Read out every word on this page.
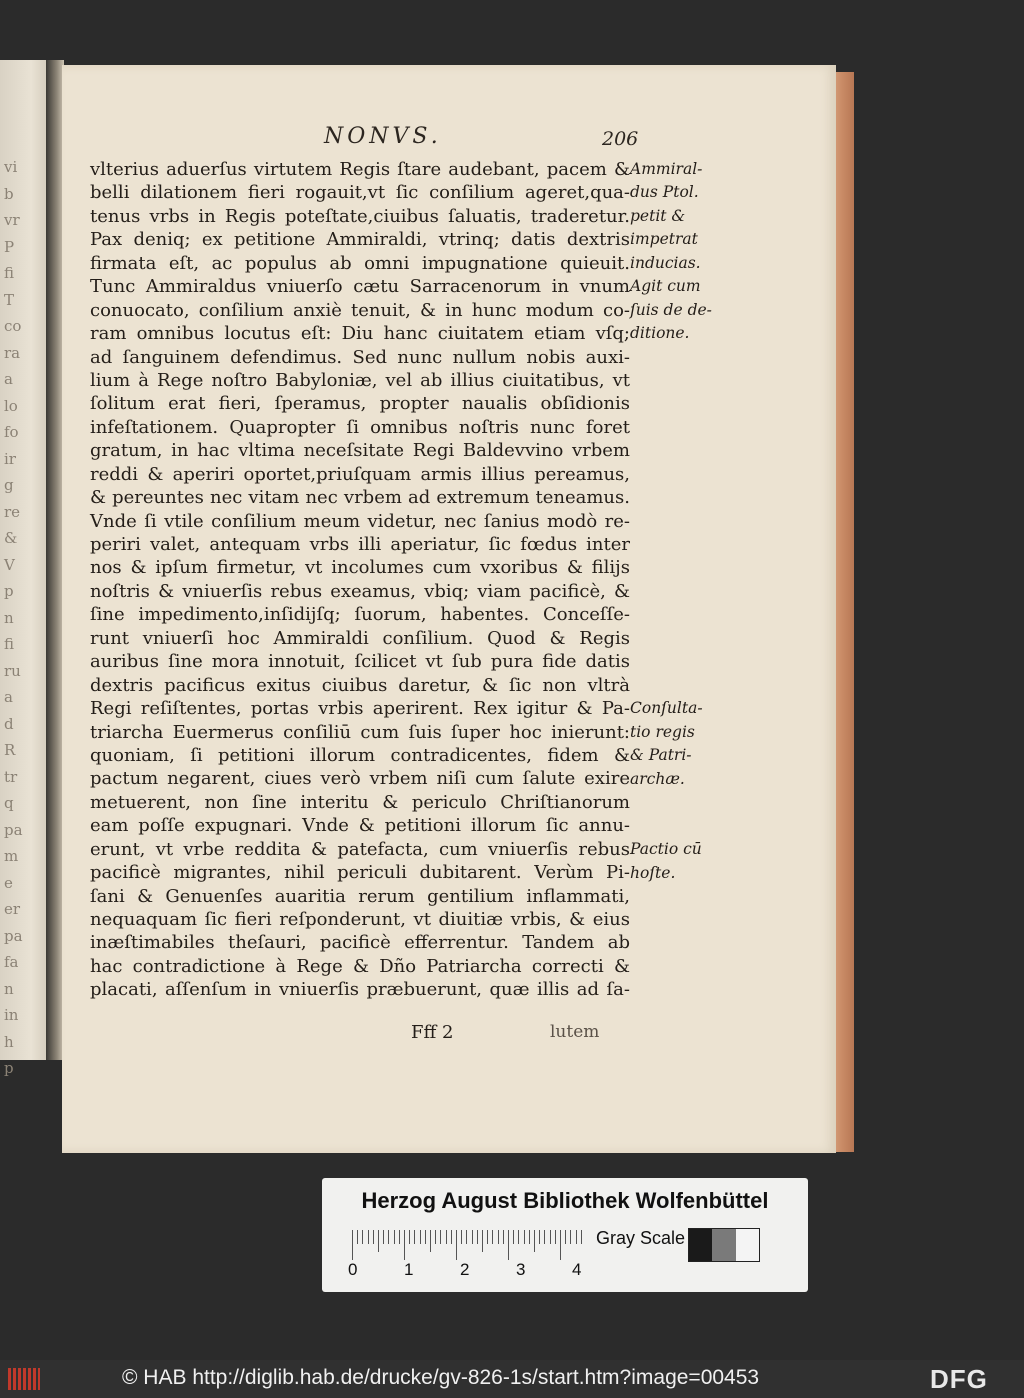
vi
b
vr
P
fi
T
co
ra
a
lo
fo
ir
g
re
&
V
p
n
fi
ru
a
d
R
tr
q
pa
m
e
er
pa
fa
n
in
h
p
NONVS.	206
vlterius aduerſus virtutem Regis ſtare audebant, pacem &
belli dilationem fieri rogauit,vt ſic conſilium ageret,qua-
tenus vrbs in Regis poteſtate,ciuibus ſaluatis, traderetur.
Pax deniq; ex petitione Ammiraldi, vtrinq; datis dextris
firmata eſt, ac populus ab omni impugnatione quieuit.
Tunc Ammiraldus vniuerſo cætu Sarracenorum in vnum
conuocato, conſilium anxiè tenuit, & in hunc modum co-
ram omnibus locutus eſt: Diu hanc ciuitatem etiam vſq;
ad ſanguinem defendimus. Sed nunc nullum nobis auxi-
lium à Rege noſtro Babyloniæ, vel ab illius ciuitatibus, vt
ſolitum erat fieri, ſperamus, propter naualis obſidionis
infeſtationem. Quapropter ſi omnibus noſtris nunc foret
gratum, in hac vltima neceſsitate Regi Baldevvino vrbem
reddi & aperiri oportet,priuſquam armis illius pereamus,
& pereuntes nec vitam nec vrbem ad extremum teneamus.
Vnde ſi vtile conſilium meum videtur, nec ſanius modò re-
periri valet, antequam vrbs illi aperiatur, ſic fœdus inter
nos & ipſum firmetur, vt incolumes cum vxoribus & filijs
noſtris & vniuerſis rebus exeamus, vbiq; viam pacificè, &
ſine impedimento,inſidijſq; ſuorum, habentes. Conceſſe-
runt vniuerſi hoc Ammiraldi conſilium. Quod & Regis
auribus ſine mora innotuit, ſcilicet vt ſub pura fide datis
dextris pacificus exitus ciuibus daretur, & ſic non vltrà
Regi reſiſtentes, portas vrbis aperirent. Rex igitur & Pa-
triarcha Euermerus conſiliū cum ſuis ſuper hoc inierunt:
quoniam, ſi petitioni illorum contradicentes, fidem &
pactum negarent, ciues verò vrbem niſi cum ſalute exire
metuerent, non ſine interitu & periculo Chriſtianorum
eam poſſe expugnari. Vnde & petitioni illorum ſic annu-
erunt, vt vrbe reddita & patefacta, cum vniuerſis rebus
pacificè migrantes, nihil periculi dubitarent. Verùm Pi-
ſani & Genuenſes auaritia rerum gentilium inflammati,
nequaquam ſic fieri reſponderunt, vt diuitiæ vrbis, & eius
inæſtimabiles theſauri, pacificè efferrentur. Tandem ab
hac contradictione à Rege & Dño Patriarcha correcti &
placati, aſſenſum in vniuerſis præbuerunt, quæ illis ad ſa-
Ammiral-
dus Ptol.
petit &
impetrat
inducias.
Agit cum
ſuis de de-
ditione.
Conſulta-
tio regis
& Patri-
archæ.
Pactio cū
hoſte.
Fff 2	lutem
Herzog August Bibliothek Wolfenbüttel
0	1	2	3	4
Gray Scale
© HAB http://diglib.hab.de/drucke/gv-826-1s/start.htm?image=00453	DFG
